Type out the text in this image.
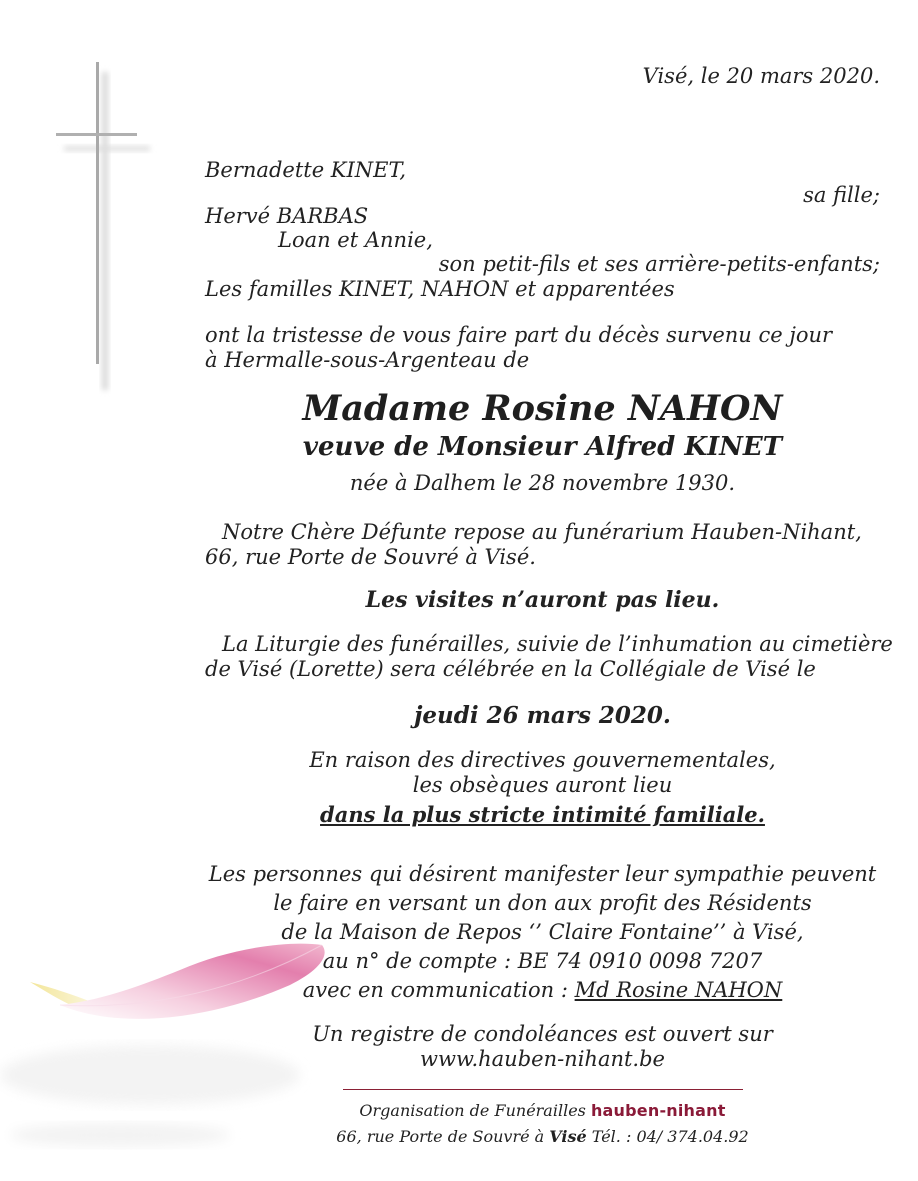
Visé, le 20 mars 2020.
Bernadette KINET,
sa fille;
Hervé BARBAS
Loan et Annie,
son petit-fils et ses arrière-petits-enfants;
Les familles KINET, NAHON et apparentées
ont la tristesse de vous faire part du décès survenu ce jour
à Hermalle-sous-Argenteau de
Madame Rosine NAHON
veuve de Monsieur Alfred KINET
née à Dalhem le 28 novembre 1930.
Notre Chère Défunte repose au funérarium Hauben-Nihant,
66, rue Porte de Souvré à Visé.
Les visites n’auront pas lieu.
La Liturgie des funérailles, suivie de l’inhumation au cimetière
de Visé (Lorette) sera célébrée en la Collégiale de Visé le
jeudi 26 mars 2020.
En raison des directives gouvernementales,
les obsèques auront lieu
dans la plus stricte intimité familiale.
Les personnes qui désirent manifester leur sympathie peuvent
le faire en versant un don aux profit des Résidents
de la Maison de Repos ‘’ Claire Fontaine’’ à Visé,
au n° de compte : BE 74 0910 0098 7207
avec en communication : Md Rosine NAHON
Un registre de condoléances est ouvert sur
www.hauben-nihant.be
Organisation de Funérailles hauben-nihant
66, rue Porte de Souvré à Visé Tél. : 04/ 374.04.92
